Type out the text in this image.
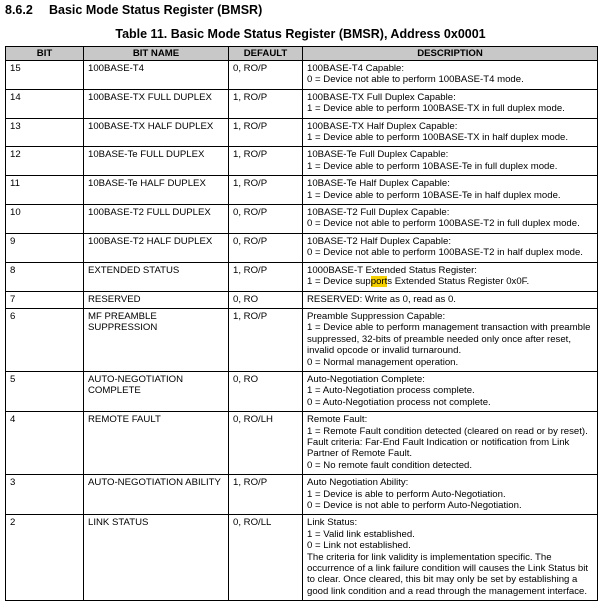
8.6.2 Basic Mode Status Register (BMSR)
Table 11. Basic Mode Status Register (BMSR), Address 0x0001
BIT	BIT NAME	DEFAULT	DESCRIPTION
15	100BASE-T4	0, RO/P	100BASE-T4 Capable:
0 = Device not able to perform 100BASE-T4 mode.

14	100BASE-TX FULL DUPLEX	1, RO/P	100BASE-TX Full Duplex Capable:
1 = Device able to perform 100BASE-TX in full duplex mode.

13	100BASE-TX HALF DUPLEX	1, RO/P	100BASE-TX Half Duplex Capable:
1 = Device able to perform 100BASE-TX in half duplex mode.

12	10BASE-Te FULL DUPLEX	1, RO/P	10BASE-Te Full Duplex Capable:
1 = Device able to perform 10BASE-Te in full duplex mode.

11	10BASE-Te HALF DUPLEX	1, RO/P	10BASE-Te Half Duplex Capable:
1 = Device able to perform 10BASE-Te in half duplex mode.

10	100BASE-T2 FULL DUPLEX	0, RO/P	10BASE-T2 Full Duplex Capable:
0 = Device not able to perform 100BASE-T2 in full duplex mode.

9	100BASE-T2 HALF DUPLEX	0, RO/P	10BASE-T2 Half Duplex Capable:
0 = Device not able to perform 100BASE-T2 in half duplex mode.

8	EXTENDED STATUS	1, RO/P	1000BASE-T Extended Status Register:
1 = Device supports Extended Status Register 0x0F.

7	RESERVED	0, RO	RESERVED: Write as 0, read as 0.

6	MF PREAMBLE SUPPRESSION	1, RO/P	Preamble Suppression Capable:
1 = Device able to perform management transaction with preamble suppressed, 32-bits of preamble needed only once after reset, invalid opcode or invalid turnaround.
0 = Normal management operation.

5	AUTO-NEGOTIATION COMPLETE	0, RO	Auto-Negotiation Complete:
1 = Auto-Negotiation process complete.
0 = Auto-Negotiation process not complete.

4	REMOTE FAULT	0, RO/LH	Remote Fault:
1 = Remote Fault condition detected (cleared on read or by reset). Fault criteria: Far-End Fault Indication or notification from Link Partner of Remote Fault.
0 = No remote fault condition detected.

3	AUTO-NEGOTIATION ABILITY	1, RO/P	Auto Negotiation Ability:
1 = Device is able to perform Auto-Negotiation.
0 = Device is not able to perform Auto-Negotiation.

2	LINK STATUS	0, RO/LL	Link Status:
1 = Valid link established.
0 = Link not established.
The criteria for link validity is implementation specific. The occurrence of a link failure condition will causes the Link Status bit to clear. Once cleared, this bit may only be set by establishing a good link condition and a read through the management interface.
